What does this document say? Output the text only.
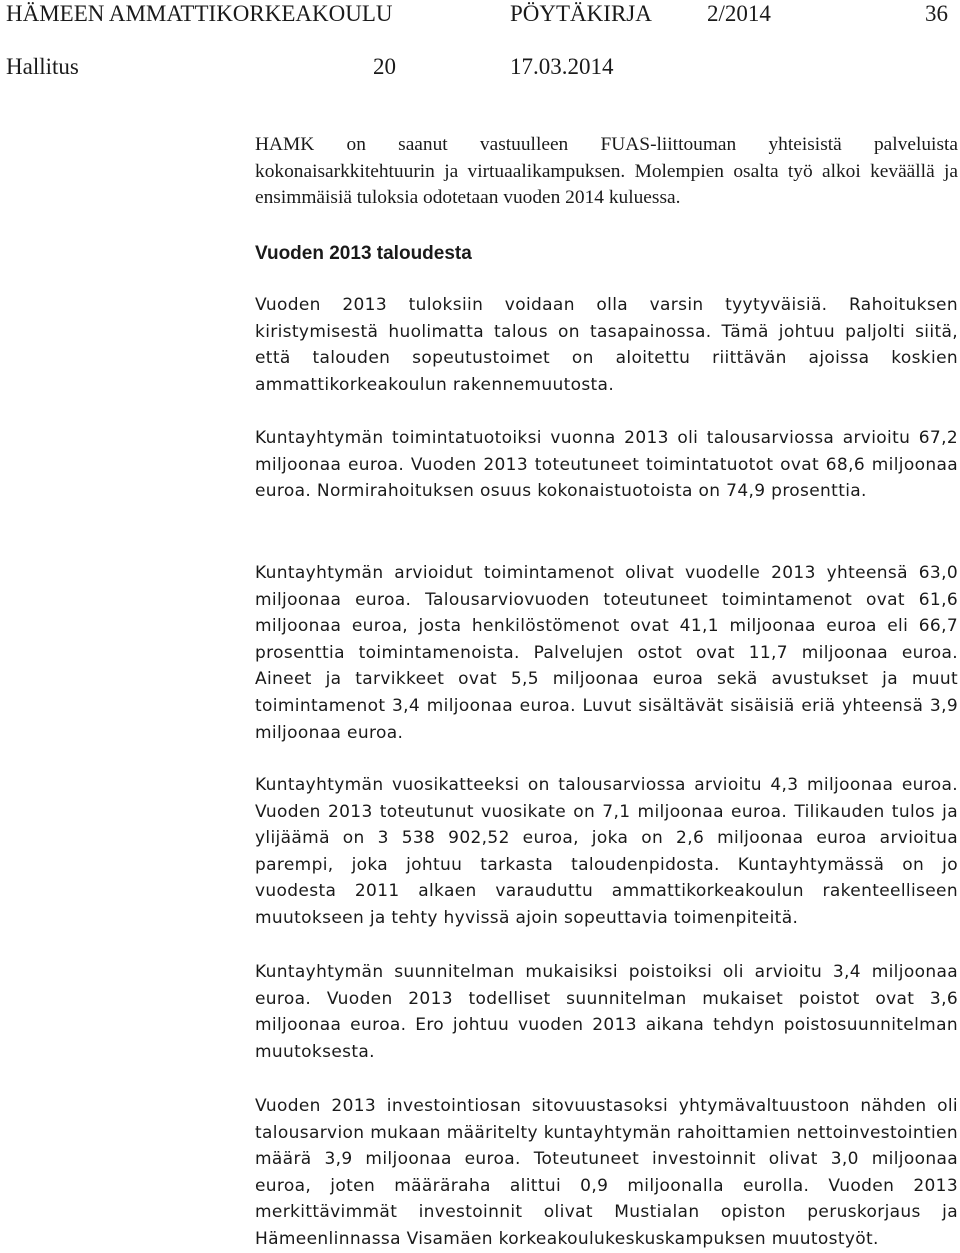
HÄMEEN AMMATTIKORKEAKOULU	PÖYTÄKIRJA 2/2014	36
Hallitus	20	17.03.2014

HAMK on saanut vastuulleen FUAS-liittouman yhteisistä palveluista kokonaisarkkitehtuurin ja virtuaalikampuksen. Molempien osalta työ alkoi keväällä ja ensimmäisiä tuloksia odotetaan vuoden 2014 kuluessa.

Vuoden 2013 taloudesta

Vuoden 2013 tuloksiin voidaan olla varsin tyytyväisiä. Rahoituksen kiristymisestä huolimatta talous on tasapainossa. Tämä johtuu paljolti siitä, että talouden sopeutustoimet on aloitettu riittävän ajoissa koskien ammattikorkeakoulun rakennemuutosta.

Kuntayhtymän toimintatuotoiksi vuonna 2013 oli talousarviossa arvioitu 67,2 miljoonaa euroa. Vuoden 2013 toteutuneet toimintatuotot ovat 68,6 miljoonaa euroa. Normirahoituksen osuus kokonaistuotoista on 74,9 prosenttia.

Kuntayhtymän arvioidut toimintamenot olivat vuodelle 2013 yhteensä 63,0 miljoonaa euroa. Talousarviovuoden toteutuneet toimintamenot ovat 61,6 miljoonaa euroa, josta henkilöstömenot ovat 41,1 miljoonaa euroa eli 66,7 prosenttia toimintamenoista. Palvelujen ostot ovat 11,7 miljoonaa euroa. Aineet ja tarvikkeet ovat 5,5 miljoonaa euroa sekä avustukset ja muut toimintamenot 3,4 miljoonaa euroa. Luvut sisältävät sisäisiä eriä yhteensä 3,9 miljoonaa euroa.

Kuntayhtymän vuosikatteeksi on talousarviossa arvioitu 4,3 miljoonaa euroa. Vuoden 2013 toteutunut vuosikate on 7,1 miljoonaa euroa. Tilikauden tulos ja ylijäämä on 3 538 902,52 euroa, joka on 2,6 miljoonaa euroa arvioitua parempi, joka johtuu tarkasta taloudenpidosta. Kuntayhtymässä on jo vuodesta 2011 alkaen varauduttu ammattikorkeakoulun rakenteelliseen muutokseen ja tehty hyvissä ajoin sopeuttavia toimenpiteitä.

Kuntayhtymän suunnitelman mukaisiksi poistoiksi oli arvioitu 3,4 miljoonaa euroa. Vuoden 2013 todelliset suunnitelman mukaiset poistot ovat 3,6 miljoonaa euroa. Ero johtuu vuoden 2013 aikana tehdyn poistosuunnitelman muutoksesta.

Vuoden 2013 investointiosan sitovuustasoksi yhtymävaltuustoon nähden oli talousarvion mukaan määritelty kuntayhtymän rahoittamien nettoinvestointien määrä 3,9 miljoonaa euroa. Toteutuneet investoinnit olivat 3,0 miljoonaa euroa, joten määräraha alittui 0,9 miljoonalla eurolla. Vuoden 2013 merkittävimmät investoinnit olivat Mustialan opiston peruskorjaus ja Hämeenlinnassa Visamäen korkeakoulukeskuskampuksen muutostyöt.
